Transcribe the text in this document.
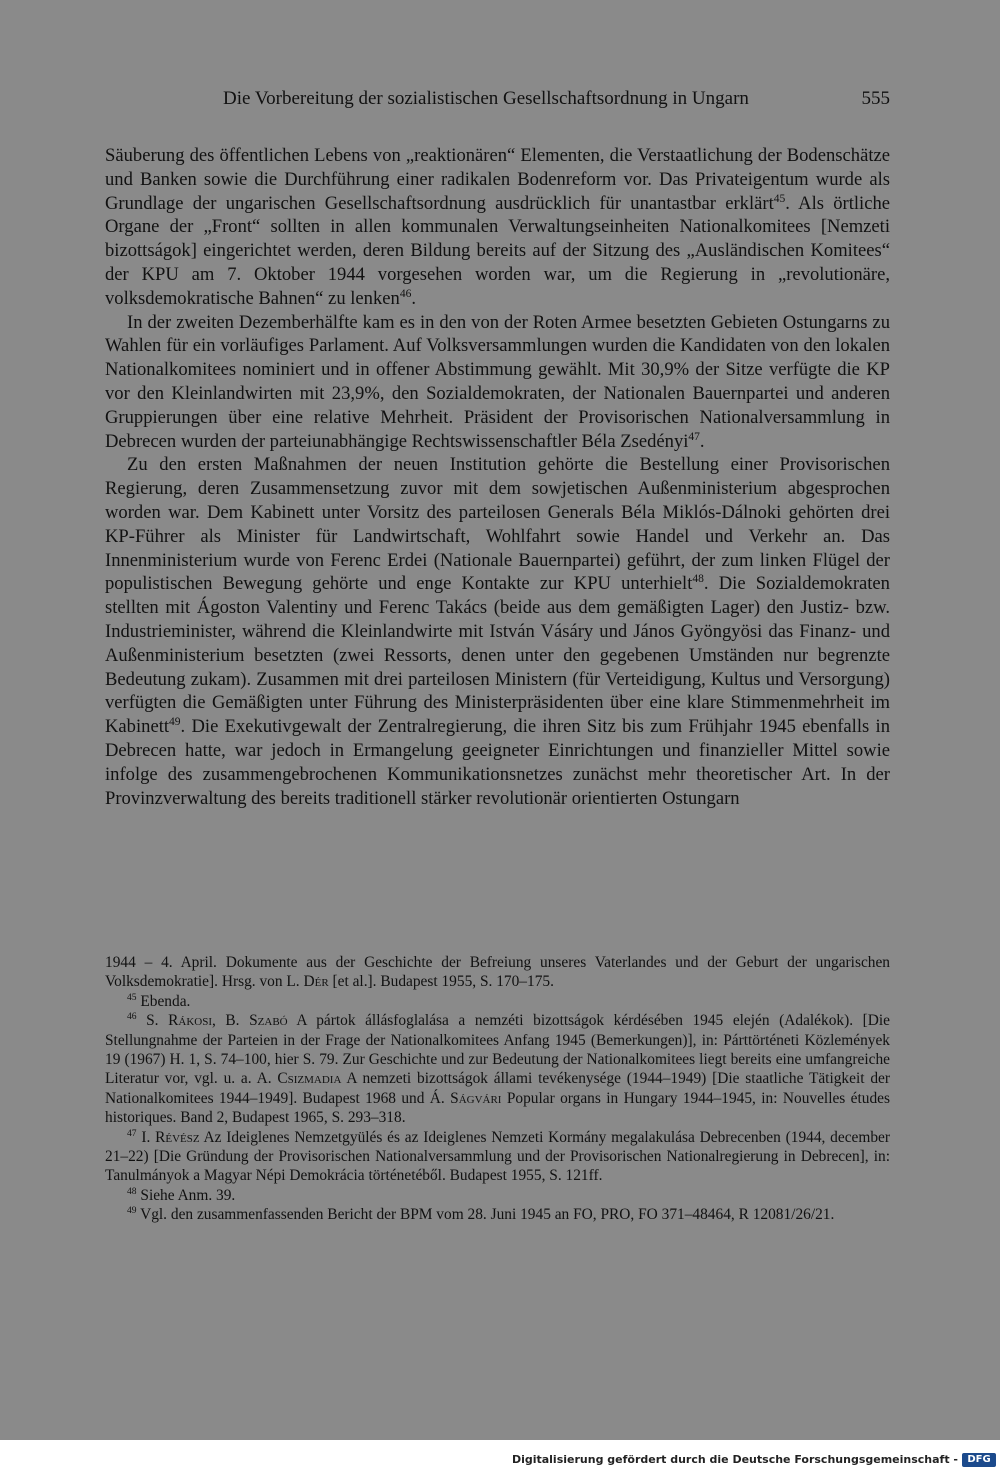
Die Vorbereitung der sozialistischen Gesellschaftsordnung in Ungarn	555

Säuberung des öffentlichen Lebens von „reaktionären“ Elementen, die Verstaatlichung der Bodenschätze und Banken sowie die Durchführung einer radikalen Bodenreform vor. Das Privateigentum wurde als Grundlage der ungarischen Gesellschaftsordnung ausdrücklich für unantastbar erklärt$^{45}$. Als örtliche Organe der „Front“ sollten in allen kommunalen Verwaltungseinheiten Nationalkomitees [Nemzeti bizottságok] eingerichtet werden, deren Bildung bereits auf der Sitzung des „Ausländischen Komitees“ der KPU am 7. Oktober 1944 vorgesehen worden war, um die Regierung in „revolutionäre, volksdemokratische Bahnen“ zu lenken$^{46}$.

In der zweiten Dezemberhälfte kam es in den von der Roten Armee besetzten Gebieten Ostungarns zu Wahlen für ein vorläufiges Parlament. Auf Volksversammlungen wurden die Kandidaten von den lokalen Nationalkomitees nominiert und in offener Abstimmung gewählt. Mit 30,9% der Sitze verfügte die KP vor den Kleinlandwirten mit 23,9%, den Sozialdemokraten, der Nationalen Bauernpartei und anderen Gruppierungen über eine relative Mehrheit. Präsident der Provisorischen Nationalversammlung in Debrecen wurden der parteiunabhängige Rechtswissenschaftler Béla Zsedényi$^{47}$.

Zu den ersten Maßnahmen der neuen Institution gehörte die Bestellung einer Provisorischen Regierung, deren Zusammensetzung zuvor mit dem sowjetischen Außenministerium abgesprochen worden war. Dem Kabinett unter Vorsitz des parteilosen Generals Béla Miklós-Dálnoki gehörten drei KP-Führer als Minister für Landwirtschaft, Wohlfahrt sowie Handel und Verkehr an. Das Innenministerium wurde von Ferenc Erdei (Nationale Bauernpartei) geführt, der zum linken Flügel der populistischen Bewegung gehörte und enge Kontakte zur KPU unterhielt$^{48}$. Die Sozialdemokraten stellten mit Ágoston Valentiny und Ferenc Takács (beide aus dem gemäßigten Lager) den Justiz- bzw. Industrieminister, während die Kleinlandwirte mit István Vásáry und János Gyöngyösi das Finanz- und Außenministerium besetzten (zwei Ressorts, denen unter den gegebenen Umständen nur begrenzte Bedeutung zukam). Zusammen mit drei parteilosen Ministern (für Verteidigung, Kultus und Versorgung) verfügten die Gemäßigten unter Führung des Ministerpräsidenten über eine klare Stimmenmehrheit im Kabinett$^{49}$. Die Exekutivgewalt der Zentralregierung, die ihren Sitz bis zum Frühjahr 1945 ebenfalls in Debrecen hatte, war jedoch in Ermangelung geeigneter Einrichtungen und finanzieller Mittel sowie infolge des zusammengebrochenen Kommunikationsnetzes zunächst mehr theoretischer Art. In der Provinzverwaltung des bereits traditionell stärker revolutionär orientierten Ostungarn

1944 – 4. April. Dokumente aus der Geschichte der Befreiung unseres Vaterlandes und der Geburt der ungarischen Volksdemokratie]. Hrsg. von L. Dér [et al.]. Budapest 1955, S. 170–175.

$^{45}$ Ebenda.

$^{46}$ S. Rákosi, B. Szabó A pártok állásfoglalása a nemzéti bizottságok kérdésében 1945 elején (Adalékok). [Die Stellungnahme der Parteien in der Frage der Nationalkomitees Anfang 1945 (Bemerkungen)], in: Párttörténeti Közlemények 19 (1967) H. 1, S. 74–100, hier S. 79. Zur Geschichte und zur Bedeutung der Nationalkomitees liegt bereits eine umfangreiche Literatur vor, vgl. u. a. A. Csizmadia A nemzeti bizottságok állami tevékenysége (1944–1949) [Die staatliche Tätigkeit der Nationalkomitees 1944–1949]. Budapest 1968 und Á. Ságvári Popular organs in Hungary 1944–1945, in: Nouvelles études historiques. Band 2, Budapest 1965, S. 293–318.

$^{47}$ I. Révész Az Ideiglenes Nemzetgyülés és az Ideiglenes Nemzeti Kormány megalakulása Debrecenben (1944, december 21–22) [Die Gründung der Provisorischen Nationalversammlung und der Provisorischen Nationalregierung in Debrecen], in: Tanulmányok a Magyar Népi Demokrácia történetéből. Budapest 1955, S. 121ff.

$^{48}$ Siehe Anm. 39.

$^{49}$ Vgl. den zusammenfassenden Bericht der BPM vom 28. Juni 1945 an FO, PRO, FO 371–48464, R 12081/26/21.

Digitalisierung gefördert durch die Deutsche Forschungsgemeinschaft - DFG
